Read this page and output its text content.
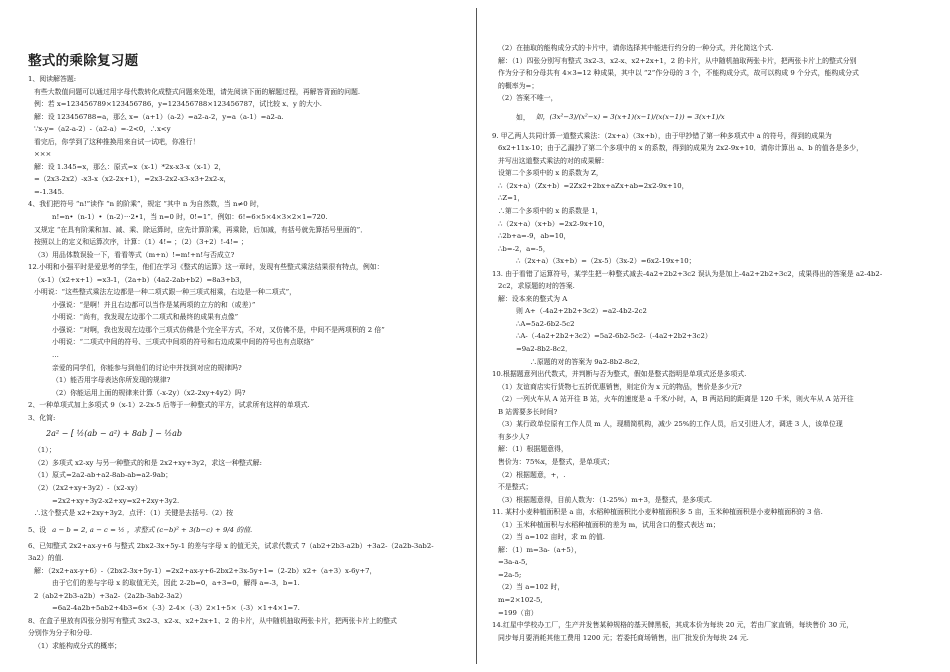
整式的乘除复习题
1、阅读解答题:
有些大数值问题可以通过用字母代数转化成整式问题来处理，请先阅读下面的解题过程，再解答背面的问题.
例：若 x=123456789×123456786，y=123456788×123456787，试比较 x、y 的大小.
解：设 123456788=a，那么 x=（a+1）（a-2）=a2-a-2，y=a（a-1）=a2-a.
∵x-y=（a2-a-2）-（a2-a）=-2<0，∴x<y
看完后，你学到了这种推换用来自试一试吧，你准行！
×××
解：设 1.345=x，那么：原式=x（x-1）*2x-x3-x（x-1）2，
=（2x3-2x2）-x3-x（x2-2x+1），=2x3-2x2-x3-x3+2x2-x，
=-1.345.
4、我们把符号 “n!”读作 “n 的阶乘”，规定 “其中 n 为自然数，当 n≠0 时，
n!=n•（n-1）•（n-2）···2•1，当 n=0 时，0!=1”．例如：6!=6×5×4×3×2×1=720.
又规定 “在具有阶乘和加、减、乘、除运算时，应先计算阶乘，再乘除，后加减，有括号就先算括号里面的”．
按照以上的定义和运算次序，计算：（1）4!= ；（2）（3+2）!-4!= ；
（3）用品体数误验一下，看看等式（m+n）!=m!+n!与否成立?
12.小明和小强平时是爱思考的学生，他们在学习《整式的运算》这一章时，发现有些整式乘法结果很有特点，例如：
（x-1）（x2+x+1）=x3-1，（2a+b）（4a2-2ab+b2）=8a3+b3，
小明说：“这些整式乘法左边都是一种二项式跟一种三项式相乘，右边是一种二项式”，
小强说：“是啊！并且右边都可以当作是某两项的立方的和（或差）”
小明说：“尚有，我发现左边那个二项式和最终的成果有点像”
小强说：“对啊，我也发现左边那个三项式仿佛是个完全平方式，不对，又仿佛不是，中间不是两项积的 2 倍”
小明说：“二项式中间的符号、三项式中间项的符号和右边成果中间的符号也有点联络”
…
亲爱的同学们，你能参与到他们的讨论中并找到对应的规律吗?
（1）能否用字母表达你所发现的规律?
（2）你能运用上面的规律来计算（-x-2y）（x2-2xy+4y2）吗?
2、一种单项式加上多项式 9（x-1）2-2x-5 后等于一种整式的平方，试求所有这样的单项式.
3、化简:
2a² − [ ½(ab − a²) + 8ab ] − ½ab
（1）；
（2）多项式 x2-xy 与另一种整式的和是 2x2+xy+3y2，求这一种整式解:
（1）原式=2a2-ab+a2-8ab-ab=a2-9ab；
（2）（2x2+xy+3y2）-（x2-xy）
=2x2+xy+3y2-x2+xy=x2+2xy+3y2.
∴这个整式是 x2+2xy+3y2．点评：（1）关键是去括号.（2）按
5、设 a − b = 2, a − c = ½ ，求整式 (c−b)² + 3(b−c) + 9/4 的值.
6、已知整式 2x2+ax-y+6 与整式 2bx2-3x+5y-1 的差与字母 x 的值无关，试求代数式 7（ab2+2b3-a2b）+3a2-（2a2b-3ab2-
3a2）的值.
解：（2x2+ax-y+6）-（2bx2-3x+5y-1）=2x2+ax-y+6-2bx2+3x-5y+1=（2-2b）x2+（a+3）x-6y+7，
由于它们的差与字母 x 的取值无关，因此 2-2b=0，a+3=0，解得 a=-3，b=1.
2（ab2+2b3-a2b）+3a2-（2a2b-3ab2-3a2）
=6a2-4a2b+5ab2+4b3=6×（-3）2-4×（-3）2×1+5×（-3）×1+4×1=7.
8、在盒子里放有四张分别写有整式 3x2-3、x2-x、x2+2x+1、2 的卡片，从中随机抽取两张卡片，把两张卡片上的整式
分别作为分子和分母.
（1）求能构成分式的概率；
（2）在抽取的能构成分式的卡片中，请你选择其中能进行约分的一种分式，并化简这个式.
解：（1）四张分别写有整式 3x2-3、x2-x、x2+2x+1，2 的卡片，从中随机抽取两张卡片，把两张卡片上的整式分别
作为分子和分母共有 4×3=12 种成果，其中以 “2”作分母的 3 个，不能构成分式，故可以构成 9 个分式，能构成分式
的概率为=；
（2）答案不唯一，
如， 如，(3x²−3)/(x²−x) = 3(x+1)(x−1)/(x(x−1)) = 3(x+1)/x
9. 甲乙两人共同计算一道整式乘法：（2x+a）（3x+b），由于甲抄错了第一种多项式中 a 的符号，得到的成果为
6x2+11x-10；由于乙漏抄了第二个多项中的 x 的系数，得到的成果为 2x2-9x+10．请你计算出 a、b 的值各是多少，
并写出这道整式乘法的对的成果解：
设第二个多项中的 x 的系数为 Z，
∴（2x+a）（Zx+b）=2Zx2+2bx+aZx+ab=2x2-9x+10，
∴Z=1，
∴第二个多项中的 x 的系数是 1，
∴（2x+a）（x+b）=2x2-9x+10，
∴2b+a=-9，ab=10，
∴b=-2，a=-5，
∴（2x+a）（3x+b）=（2x-5）（3x-2）=6x2-19x+10；
13. 由于看错了运算符号，某学生把一种整式减去-4a2+2b2+3c2 误认为是加上-4a2+2b2+3c2，成果得出的答案是 a2-4b2-
2c2，求原题的对的答案.
解：设本来的整式为 A
则 A+（-4a2+2b2+3c2）=a2-4b2-2c2
∴A=5a2-6b2-5c2
∴A-（-4a2+2b2+3c2）=5a2-6b2-5c2-（-4a2+2b2+3c2）
=9a2-8b2-8c2．
∴原题的对的答案为 9a2-8b2-8c2．
10.根据题意列出代数式，并判断与否为整式，假如是整式指明是单项式还是多项式.
（1）友谊商店实行货物七五折优惠销售，则定价为 x 元的物品，售价是多少元?
（2）一列火车从 A 站开往 B 站，火车的速度是 a 千米/小时，A，B 两站间的距离是 120 千米，则火车从 A 站开往
B 站需要多长时间?
（3）某行政单位原有工作人员 m 人，现精简机构，减少 25%的工作人员，后又引进人才，调进 3 人，该单位现
有多少人?
解：（1）根据题意得，
售价为：75%x，是整式，是单项式；
（2）根据题意，+，.
不是整式；
（3）根据题意得，目前人数为：（1-25%）m+3，是整式，是多项式.
11. 某村小麦种植面积是 a 亩，水稻种植面积比小麦种植面积多 5 亩，玉米种植面积是小麦种植面积的 3 倍.
（1）玉米种植面积与水稻种植面积的差为 m，试用含口的整式表达 m；
（2）当 a=102 亩时，求 m 的值.
解：（1）m=3a-（a+5），
=3a-a-5,
=2a-5;
（2）当 a=102 时，
m=2×102-5,
=199（亩）
14.红星中学校办工厂，生产并发售某种规格的基天牌黑板，其成本价为每块 20 元，若由厂家直销，每块售价 30 元，
同步每月要消耗其他工费用 1200 元；若委托商场销售，出厂批发价为每块 24 元.
